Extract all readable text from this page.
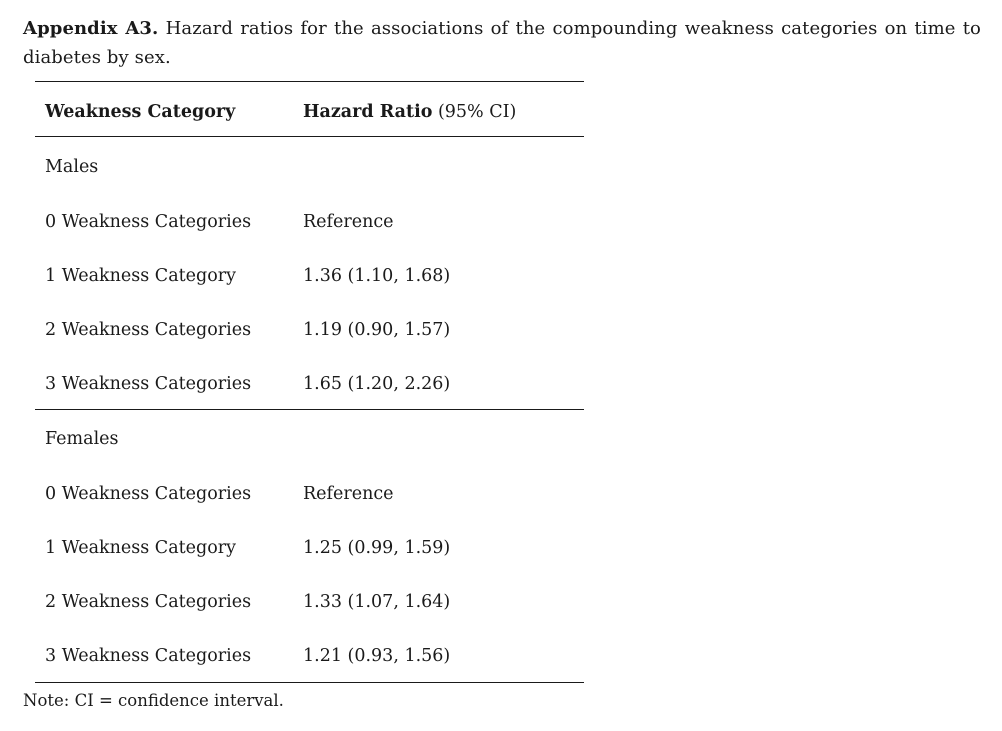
Appendix A3. Hazard ratios for the associations of the compounding weakness categories on time to diabetes by sex.
Weakness Category	Hazard Ratio (95% CI)
Males
0 Weakness Categories	Reference
1 Weakness Category	1.36 (1.10, 1.68)
2 Weakness Categories	1.19 (0.90, 1.57)
3 Weakness Categories	1.65 (1.20, 2.26)
Females
0 Weakness Categories	Reference
1 Weakness Category	1.25 (0.99, 1.59)
2 Weakness Categories	1.33 (1.07, 1.64)
3 Weakness Categories	1.21 (0.93, 1.56)
Note: CI = confidence interval.
